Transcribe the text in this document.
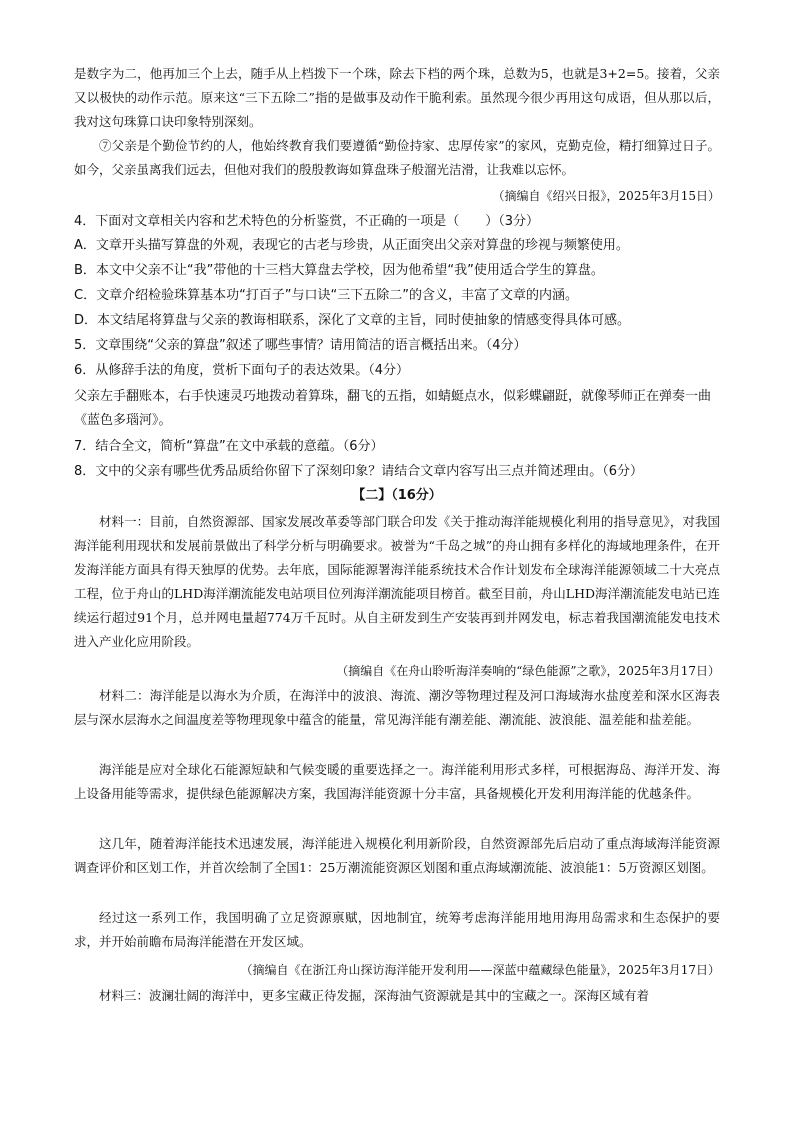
是数字为二，他再加三个上去，随手从上档拨下一个珠，除去下档的两个珠，总数为5，也就是3+2=5。接着，父亲又以极快的动作示范。原来这“三下五除二”指的是做事及动作干脆利索。虽然现今很少再用这句成语，但从那以后，我对这句珠算口诀印象特别深刻。

⑦父亲是个勤俭节约的人，他始终教育我们要遵循“勤俭持家、忠厚传家”的家风，克勤克俭，精打细算过日子。如今，父亲虽离我们远去，但他对我们的殷殷教诲如算盘珠子般溜光洁滑，让我难以忘怀。

（摘编自《绍兴日报》，2025年3月15日）

4．下面对文章相关内容和艺术特色的分析鉴赏，不正确的一项是（　　）（3分）

A．文章开头描写算盘的外观，表现它的古老与珍贵，从正面突出父亲对算盘的珍视与频繁使用。

B．本文中父亲不让“我”带他的十三档大算盘去学校，因为他希望“我”使用适合学生的算盘。

C．文章介绍检验珠算基本功“打百子”与口诀“三下五除二”的含义，丰富了文章的内涵。

D．本文结尾将算盘与父亲的教诲相联系，深化了文章的主旨，同时使抽象的情感变得具体可感。

5．文章围绕“父亲的算盘”叙述了哪些事情？请用简洁的语言概括出来。（4分）

6．从修辞手法的角度，赏析下面句子的表达效果。（4分）

父亲左手翻账本，右手快速灵巧地拨动着算珠，翻飞的五指，如蜻蜓点水，似彩蝶翩跹，就像琴师正在弹奏一曲《蓝色多瑙河》。

7．结合全文，简析“算盘”在文中承载的意蕴。（6分）

8．文中的父亲有哪些优秀品质给你留下了深刻印象？请结合文章内容写出三点并简述理由。（6分）

【二】（16分）

材料一：目前，自然资源部、国家发展改革委等部门联合印发《关于推动海洋能规模化利用的指导意见》，对我国海洋能利用现状和发展前景做出了科学分析与明确要求。被誉为“千岛之城”的舟山拥有多样化的海域地理条件，在开发海洋能方面具有得天独厚的优势。去年底，国际能源署海洋能系统技术合作计划发布全球海洋能源领域二十大亮点工程，位于舟山的LHD海洋潮流能发电站项目位列海洋潮流能项目榜首。截至目前，舟山LHD海洋潮流能发电站已连续运行超过91个月，总并网电量超774万千瓦时。从自主研发到生产安装再到并网发电，标志着我国潮流能发电技术进入产业化应用阶段。

（摘编自《在舟山聆听海洋奏响的“绿色能源”之歌》，2025年3月17日）

材料二：海洋能是以海水为介质，在海洋中的波浪、海流、潮汐等物理过程及河口海域海水盐度差和深水区海表层与深水层海水之间温度差等物理现象中蕴含的能量，常见海洋能有潮差能、潮流能、波浪能、温差能和盐差能。

海洋能是应对全球化石能源短缺和气候变暖的重要选择之一。海洋能利用形式多样，可根据海岛、海洋开发、海上设备用能等需求，提供绿色能源解决方案，我国海洋能资源十分丰富，具备规模化开发利用海洋能的优越条件。

这几年，随着海洋能技术迅速发展，海洋能进入规模化利用新阶段，自然资源部先后启动了重点海域海洋能资源调查评价和区划工作，并首次绘制了全国1：25万潮流能资源区划图和重点海域潮流能、波浪能1：5万资源区划图。

经过这一系列工作，我国明确了立足资源禀赋，因地制宜，统筹考虑海洋能用地用海用岛需求和生态保护的要求，并开始前瞻布局海洋能潜在开发区域。

（摘编自《在浙江舟山探访海洋能开发利用——深蓝中蕴藏绿色能量》，2025年3月17日）

材料三：波澜壮阔的海洋中，更多宝藏正待发掘，深海油气资源就是其中的宝藏之一。深海区域有着
